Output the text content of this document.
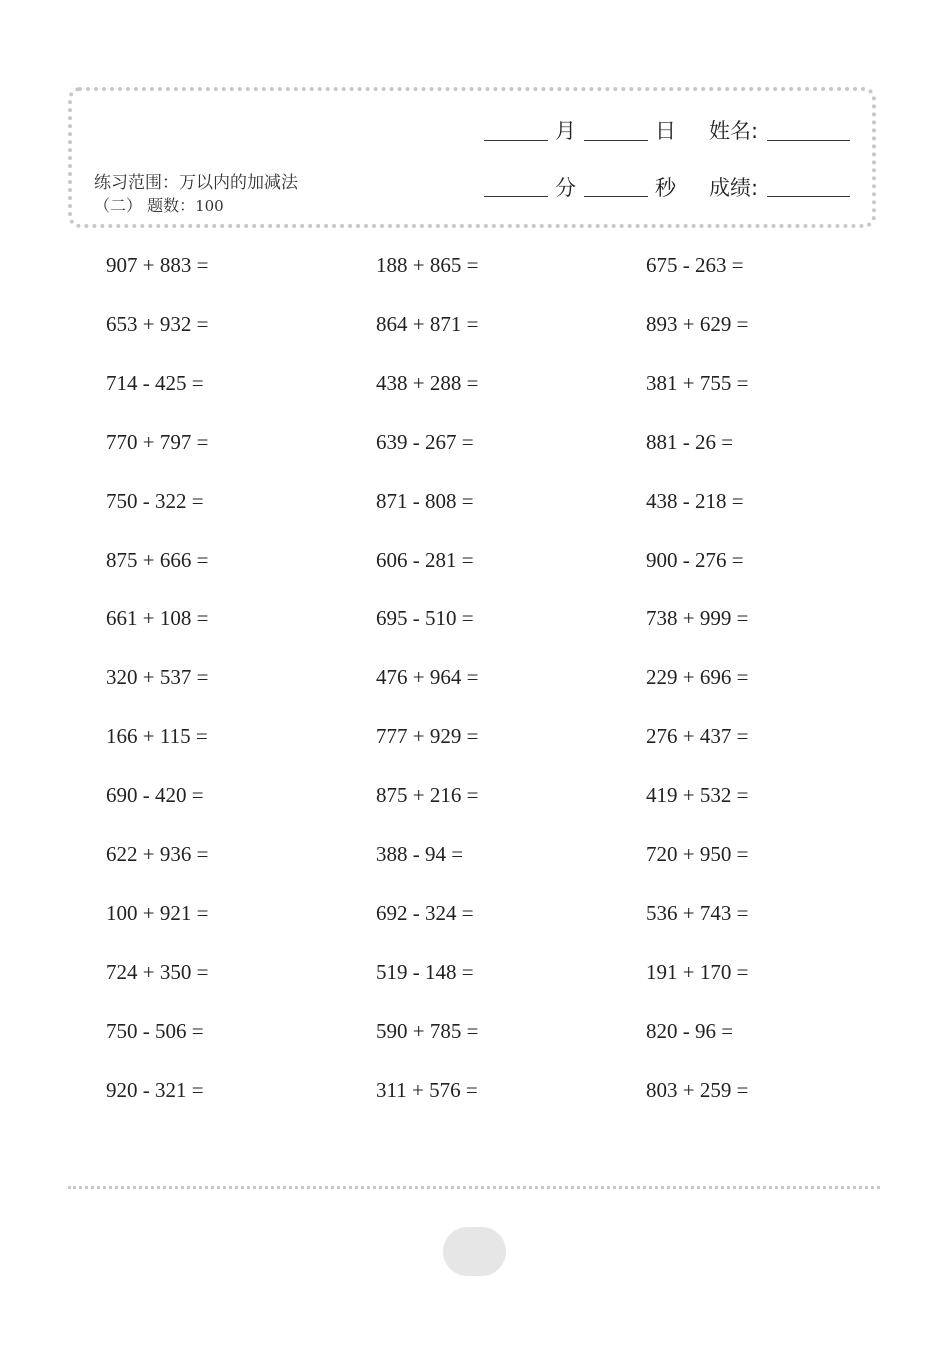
练习范围：万以内的加减法
（二） 题数：100
月	日 姓名:
分	秒 成绩:
907 + 883 =
653 + 932 =
714 - 425 =
770 + 797 =
750 - 322 =
875 + 666 =
661 + 108 =
320 + 537 =
166 + 115 =
690 - 420 =
622 + 936 =
100 + 921 =
724 + 350 =
750 - 506 =
920 - 321 =
188 + 865 =
864 + 871 =
438 + 288 =
639 - 267 =
871 - 808 =
606 - 281 =
695 - 510 =
476 + 964 =
777 + 929 =
875 + 216 =
388 - 94 =
692 - 324 =
519 - 148 =
590 + 785 =
311 + 576 =
675 - 263 =
893 + 629 =
381 + 755 =
881 - 26 =
438 - 218 =
900 - 276 =
738 + 999 =
229 + 696 =
276 + 437 =
419 + 532 =
720 + 950 =
536 + 743 =
191 + 170 =
820 - 96 =
803 + 259 =
